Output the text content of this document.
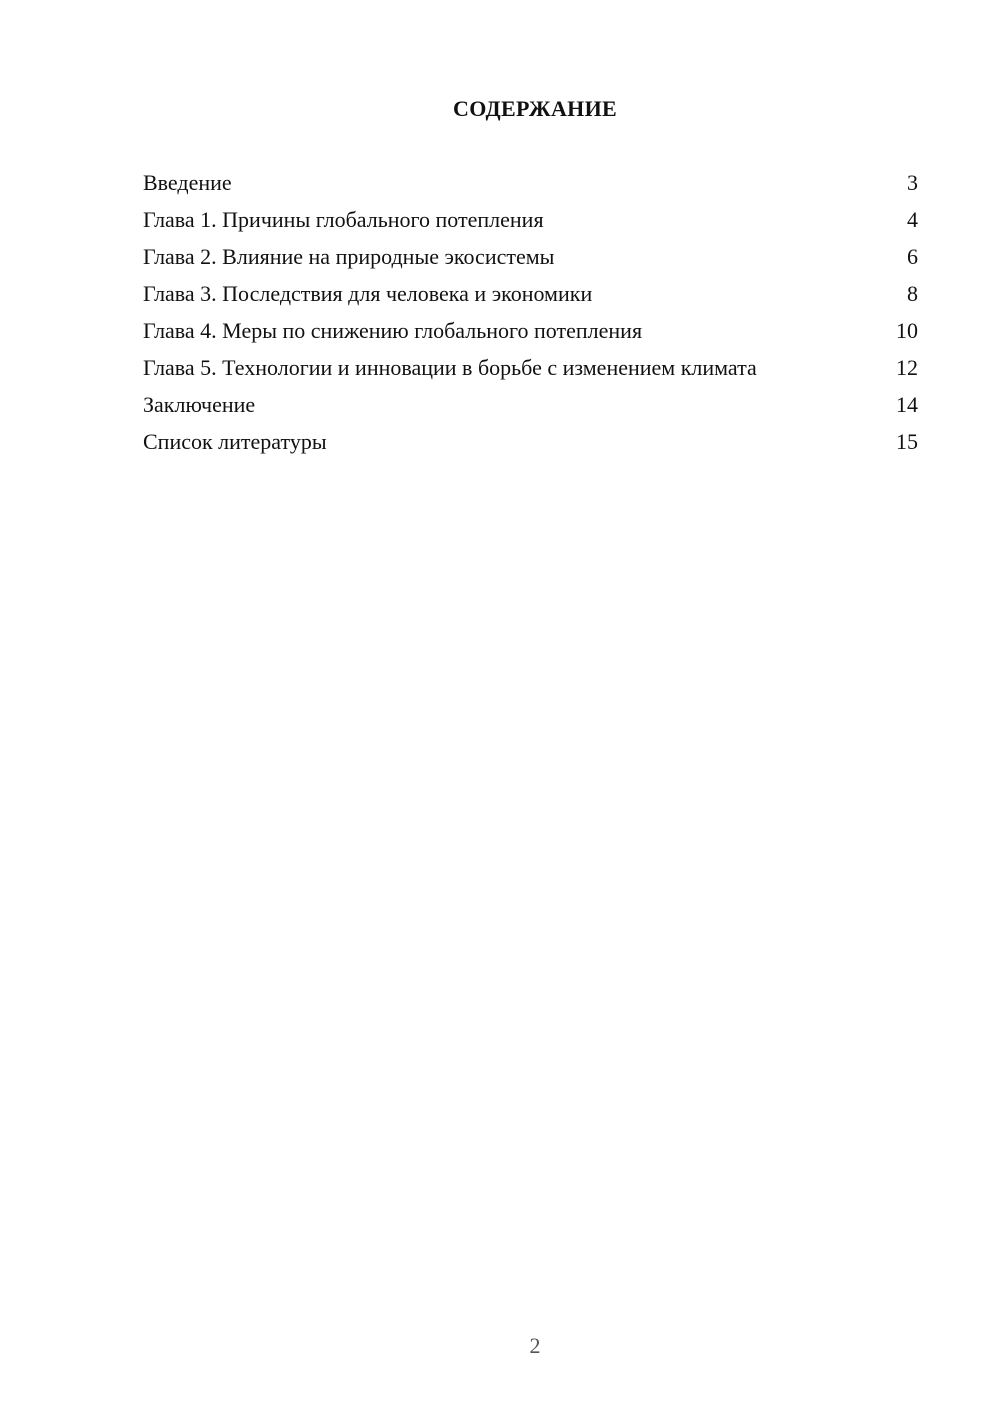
СОДЕРЖАНИЕ
Введение	3
Глава 1. Причины глобального потепления	4
Глава 2. Влияние на природные экосистемы	6
Глава 3. Последствия для человека и экономики	8
Глава 4. Меры по снижению глобального потепления	10
Глава 5. Технологии и инновации в борьбе с изменением климата	12
Заключение	14
Список литературы	15
2
